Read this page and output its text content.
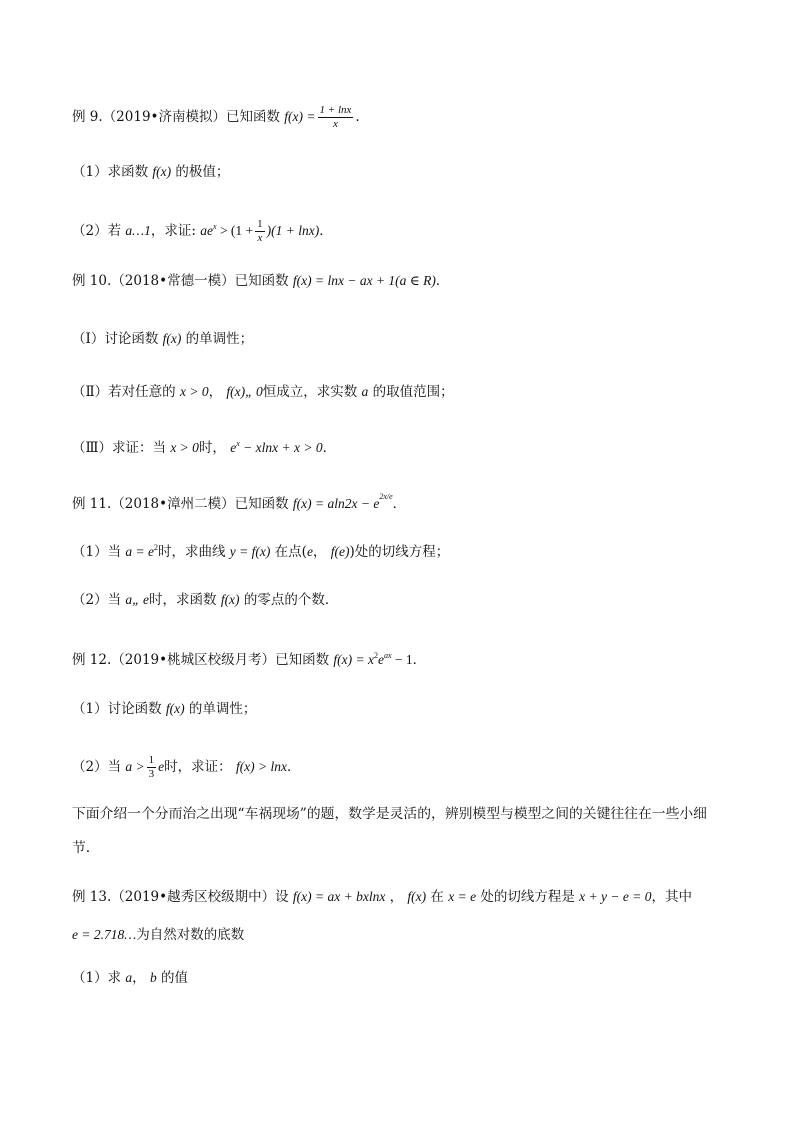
例 9.（2019•济南模拟）已知函数 $f(x) = \frac{1 + \ln x}{x}$ .
（1）求函数 f(x) 的极值；
（2）若 a…1，求证: $ae^x > (1 + \frac{1}{x} )(1 + \ln x)$．
例 10.（2018•常德一模）已知函数 f(x) = lnx − ax + 1(a ∈ R)．
（Ⅰ）讨论函数 f(x) 的单调性；
（Ⅱ）若对任意的 x > 0， f(x)„ 0恒成立，求实数 a 的取值范围；
（Ⅲ）求证：当 x > 0时， $e^x - xlnx + x > 0$．
例 11.（2018•漳州二模）已知函数 $f(x) = aln2x - e^{2x/e}$．
（1）当 $a = e^2$时，求曲线 y = f(x) 在点(e， f(e))处的切线方程；
（2）当 a„ e时，求函数 f(x) 的零点的个数．
例 12.（2019•桃城区校级月考）已知函数 $f(x) = x^2e^{ax} - 1$．
（1）讨论函数 f(x) 的单调性；
（2）当 $a > \frac{1}{3}$ e时，求证： f(x) > lnx．
下面介绍一个分而治之出现“车祸现场”的题，数学是灵活的，辨别模型与模型之间的关键往往在一些小细节.
例 13.（2019•越秀区校级期中）设 f(x) = ax + bxlnx ， f(x) 在 x = e 处的切线方程是 x + y − e = 0，其中
e = 2.718…为自然对数的底数
（1）求 a， b 的值
